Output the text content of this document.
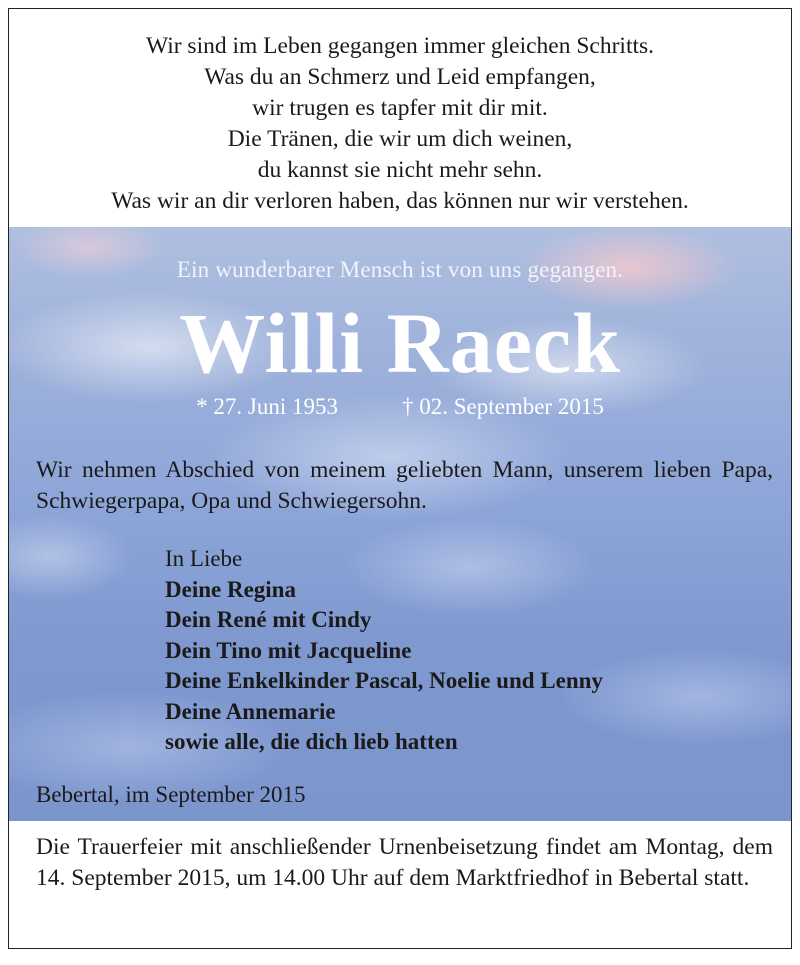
Wir sind im Leben gegangen immer gleichen Schritts.
Was du an Schmerz und Leid empfangen,
wir trugen es tapfer mit dir mit.
Die Tränen, die wir um dich weinen,
du kannst sie nicht mehr sehn.
Was wir an dir verloren haben, das können nur wir verstehen.
Ein wunderbarer Mensch ist von uns gegangen.
Willi Raeck
* 27. Juni 1953	† 02. September 2015
Wir nehmen Abschied von meinem geliebten Mann, unserem lieben Papa, Schwiegerpapa, Opa und Schwiegersohn.
In Liebe
Deine Regina
Dein René mit Cindy
Dein Tino mit Jacqueline
Deine Enkelkinder Pascal, Noelie und Lenny
Deine Annemarie
sowie alle, die dich lieb hatten
Bebertal, im September 2015
Die Trauerfeier mit anschließender Urnenbeisetzung findet am Montag, dem 14. September 2015, um 14.00 Uhr auf dem Marktfriedhof in Bebertal statt.
